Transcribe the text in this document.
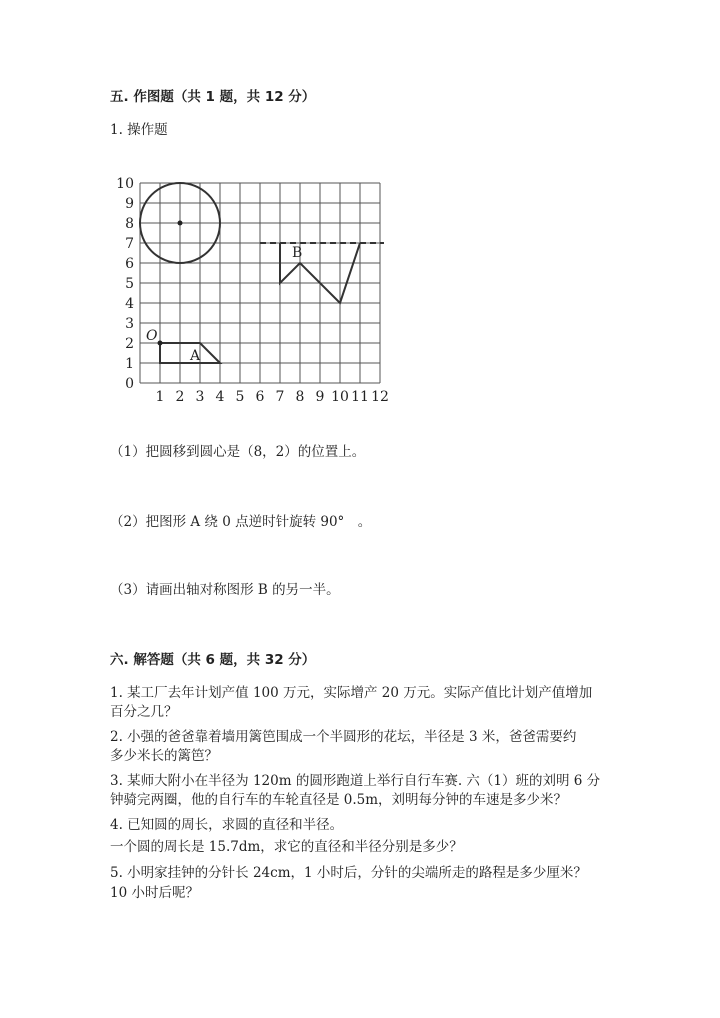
五. 作图题（共 1 题，共 12 分）
1. 操作题
1 2 3 4 5 6 7 8 9 10 11 12
0
1
2
3
4
5
6
7
8
9
10
O
A
B
（1）把圆移到圆心是（8，2）的位置上。
（2）把图形 A 绕 0 点逆时针旋转 90°　。
（3）请画出轴对称图形 B 的另一半。
六. 解答题（共 6 题，共 32 分）
1. 某工厂去年计划产值 100 万元，实际增产 20 万元。实际产值比计划产值增加
百分之几？
2. 小强的爸爸靠着墙用篱笆围成一个半圆形的花坛，半径是 3 米，爸爸需要约
多少米长的篱笆？
3. 某师大附小在半径为 120m 的圆形跑道上举行自行车赛. 六（1）班的刘明 6 分
钟骑完两圈，他的自行车的车轮直径是 0.5m，刘明每分钟的车速是多少米？
4. 已知圆的周长，求圆的直径和半径。
一个圆的周长是 15.7dm，求它的直径和半径分别是多少？
5. 小明家挂钟的分针长 24cm，1 小时后，分针的尖端所走的路程是多少厘米？
10 小时后呢？
